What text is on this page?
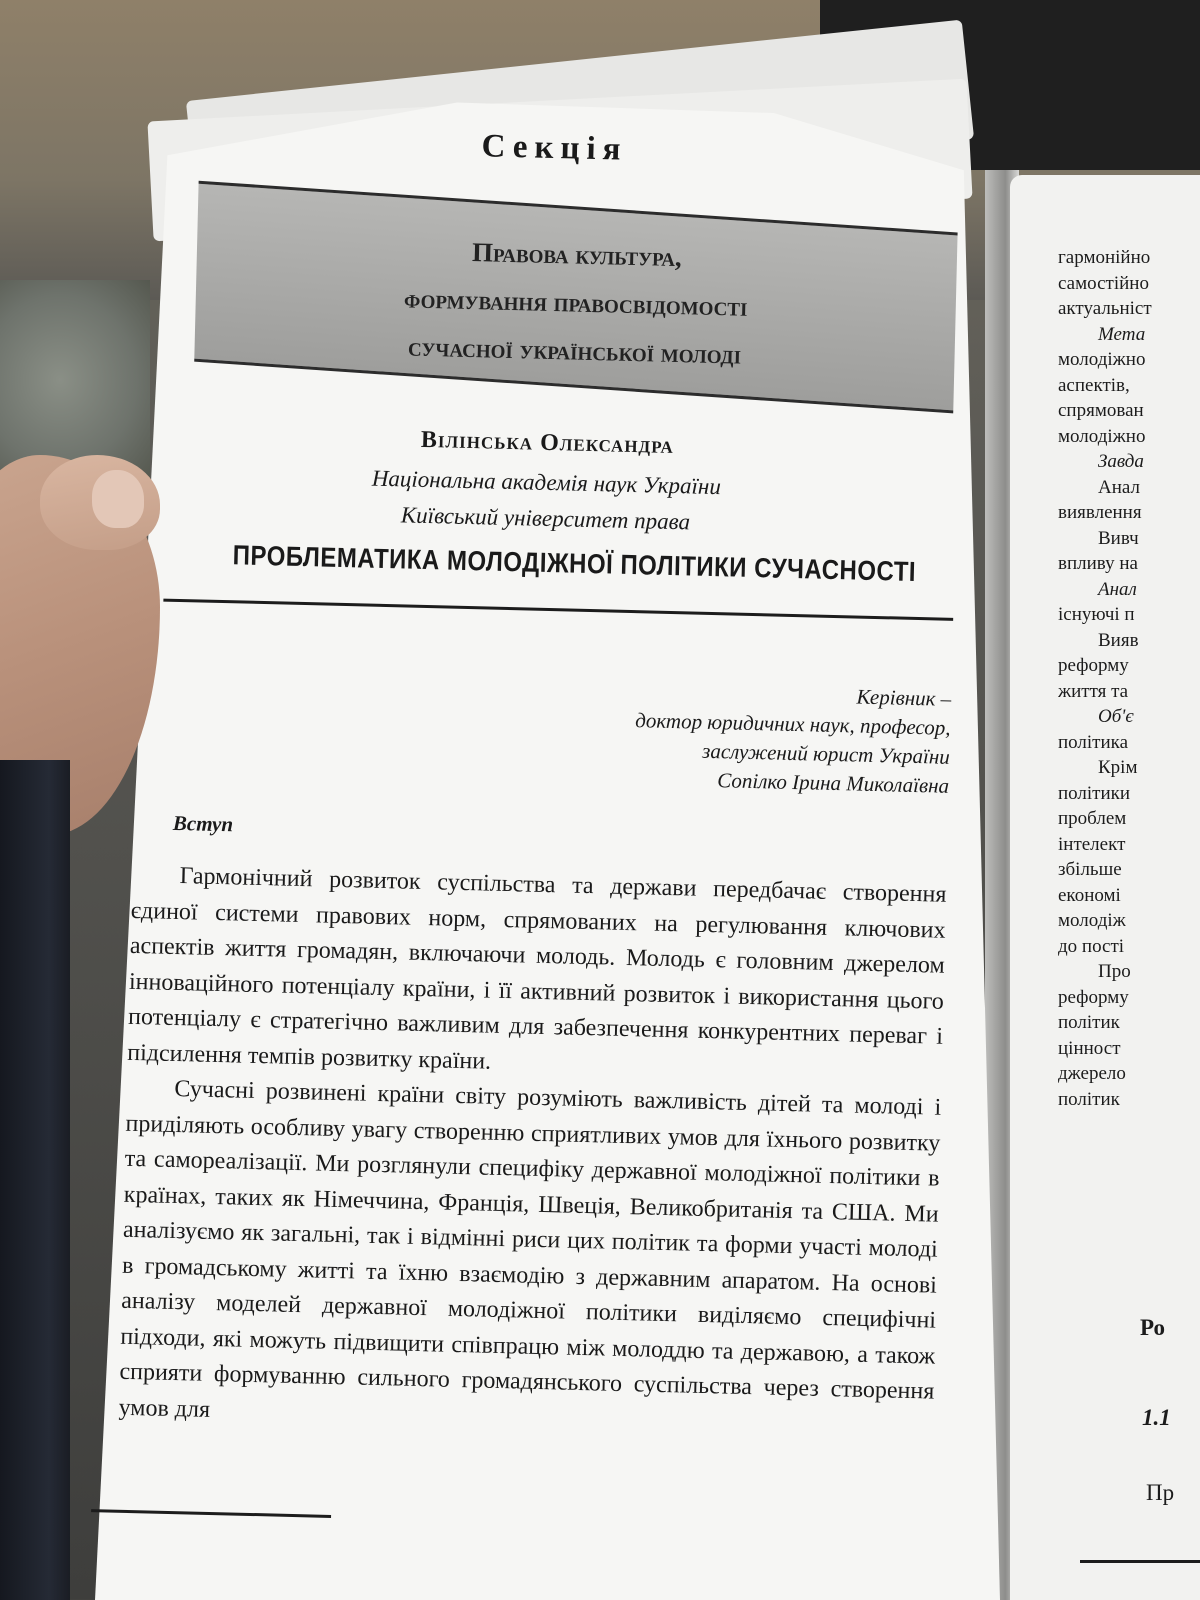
гармонійно
самостійно
актуальніст
Мета
молодіжно
аспектів,
спрямован
молодіжно
Завда
Анал
виявлення
Вивч
впливу на
Анал
існуючі п
Вияв
реформу
життя та
Об'є
політика
Крім
політики
проблем
інтелект
збільше
економі
молодіж
до пості
Про
реформу
політик
цінност
джерело
політик
Ро
1.1
Пр
Секція
Правова культура,
формування правосвідомості
сучасної української молоді
Вілінська Олександра
Національна академія наук України
Київський університет права
ПРОБЛЕМАТИКА МОЛОДІЖНОЇ ПОЛІТИКИ СУЧАСНОСТІ
Керівник –
доктор юридичних наук, професор,
заслужений юрист України
Сопілко Ірина Миколаївна
Вступ

Гармонічний розвиток суспільства та держави передбачає створення єдиної системи правових норм, спрямованих на регулювання ключових аспектів життя громадян, включаючи молодь. Молодь є головним джерелом інноваційного потенціалу країни, і її активний розвиток і використання цього потенціалу є стратегічно важливим для забезпечення конкурентних переваг і підсилення темпів розвитку країни.

Сучасні розвинені країни світу розуміють важливість дітей та молоді і приділяють особливу увагу створенню сприятливих умов для їхнього розвитку та самореалізації. Ми розглянули специфіку державної молодіжної політики в країнах, таких як Німеччина, Франція, Швеція, Великобританія та США. Ми аналізуємо як загальні, так і відмінні риси цих політик та форми участі молоді в громадському житті та їхню взаємодію з державним апаратом. На основі аналізу моделей державної молодіжної політики виділяємо специфічні підходи, які можуть підвищити співпрацю між молоддю та державою, а також сприяти формуванню сильного громадянського суспільства через створення умов для
